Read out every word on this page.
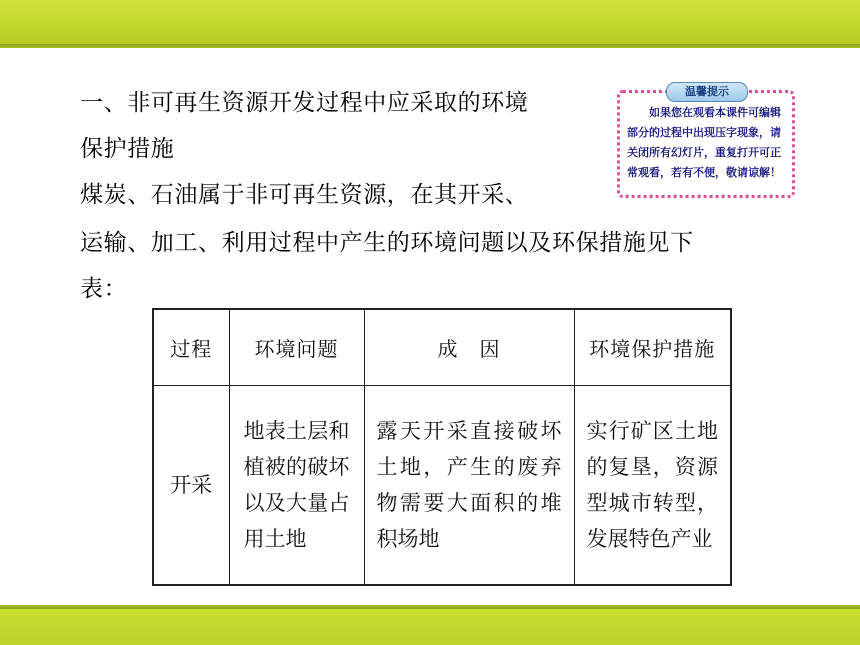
一、非可再生资源开发过程中应采取的环境

保护措施

煤炭、石油属于非可再生资源，在其开采、

运输、加工、利用过程中产生的环境问题以及环保措施见下

表：

温馨提示

如果您在观看本课件可编辑部分的过程中出现压字现象，请关闭所有幻灯片，重复打开可正常观看，若有不便，敬请谅解！

过程	环境问题	成　因	环境保护措施
开采	地表土层和植被的破坏以及大量占用土地	露天开采直接破坏土地，产生的废弃物需要大面积的堆积场地	实行矿区土地的复垦，资源型城市转型，发展特色产业
